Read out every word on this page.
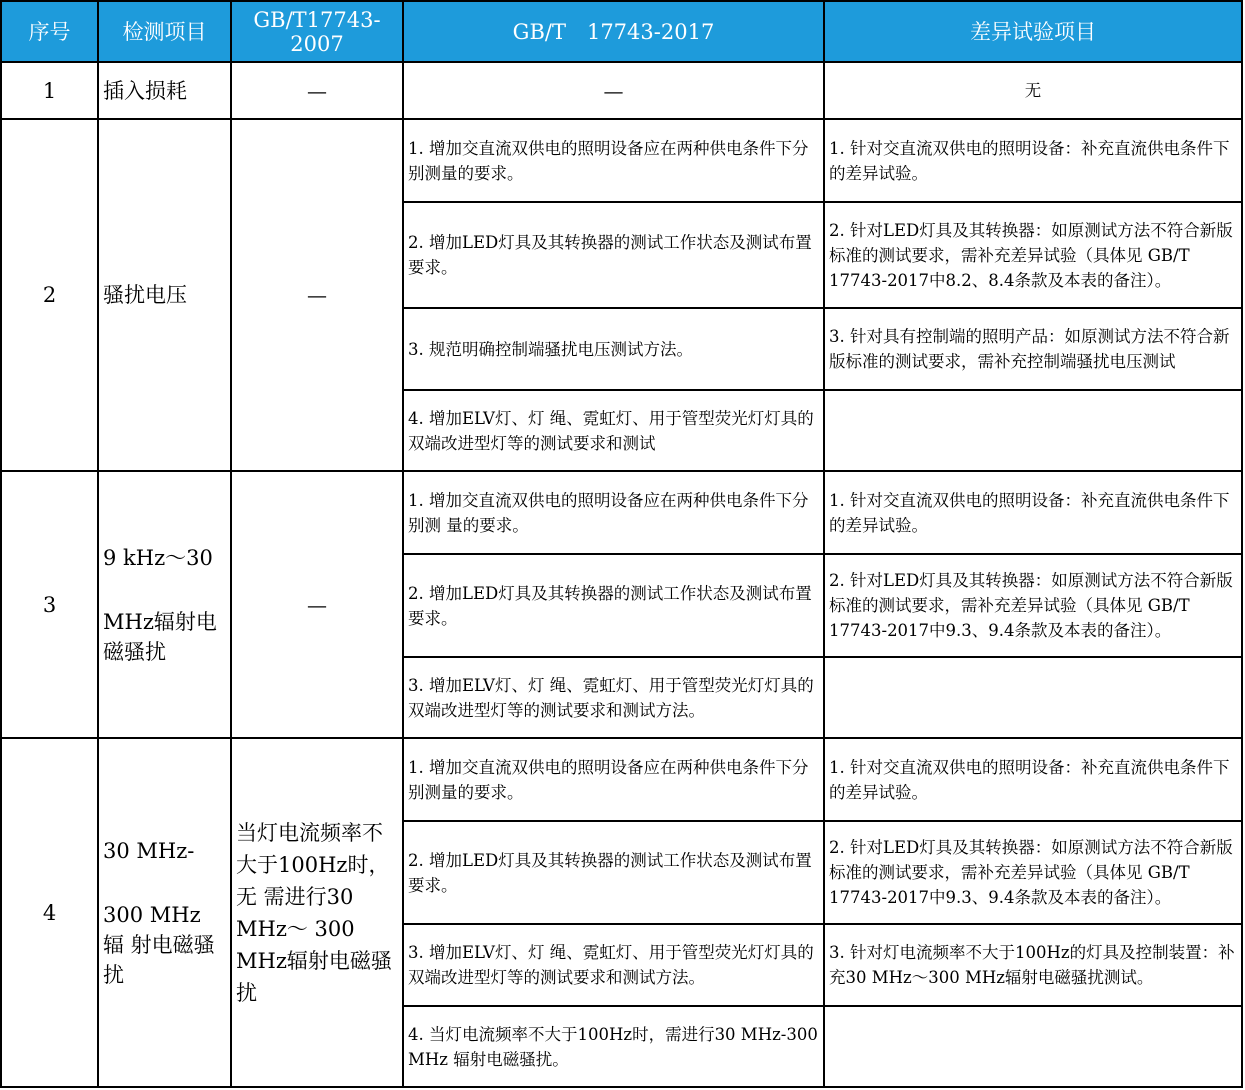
序号	检测项目	GB/T17743-2007	GB/T　17743-2017	差异试验项目
1	插入损耗	—	—	无
2	骚扰电压	—	1. 增加交直流双供电的照明设备应在两种供电条件下分别测量的要求。	1. 针对交直流双供电的照明设备：补充直流供电条件下的差异试验。
			2. 增加LED灯具及其转换器的测试工作状态及测试布置要求。	2. 针对LED灯具及其转换器：如原测试方法不符合新版标准的测试要求，需补充差异试验（具体见 GB/T　17743-2017中8.2、8.4条款及本表的备注）。
			3. 规范明确控制端骚扰电压测试方法。	3. 针对具有控制端的照明产品：如原测试方法不符合新版标准的测试要求，需补充控制端骚扰电压测试
			4. 增加ELV灯、灯 绳、霓虹灯、用于管型荧光灯灯具的双端改进型灯等的测试要求和测试	
3	9 kHz〜30
MHz辐射电磁骚扰	—	1. 增加交直流双供电的照明设备应在两种供电条件下分别测 量的要求。	1. 针对交直流双供电的照明设备：补充直流供电条件下的差异试验。
			2. 增加LED灯具及其转换器的测试工作状态及测试布置要求。	2. 针对LED灯具及其转换器：如原测试方法不符合新版标准的测试要求，需补充差异试验（具体见 GB/T　17743-2017中9.3、9.4条款及本表的备注）。
			3. 增加ELV灯、灯 绳、霓虹灯、用于管型荧光灯灯具的双端改进型灯等的测试要求和测试方法。	
4	30 MHz-
300 MHz 辐 射电磁骚扰	当灯电流频率不 大于100Hz时，无 需进行30 MHz〜 300 MHz辐射电磁骚扰	1. 增加交直流双供电的照明设备应在两种供电条件下分别测量的要求。	1. 针对交直流双供电的照明设备：补充直流供电条件下的差异试验。
			2. 增加LED灯具及其转换器的测试工作状态及测试布置要求。	2. 针对LED灯具及其转换器：如原测试方法不符合新版标准的测试要求，需补充差异试验（具体见 GB/T　17743-2017中9.3、9.4条款及本表的备注）。
			3. 增加ELV灯、灯 绳、霓虹灯、用于管型荧光灯灯具的双端改进型灯等的测试要求和测试方法。	3. 针对灯电流频率不大于100Hz的灯具及控制装置：补 充30 MHz〜300 MHz辐射电磁骚扰测试。
			4. 当灯电流频率不大于100Hz时，需进行30 MHz-300　MHz 辐射电磁骚扰。	
